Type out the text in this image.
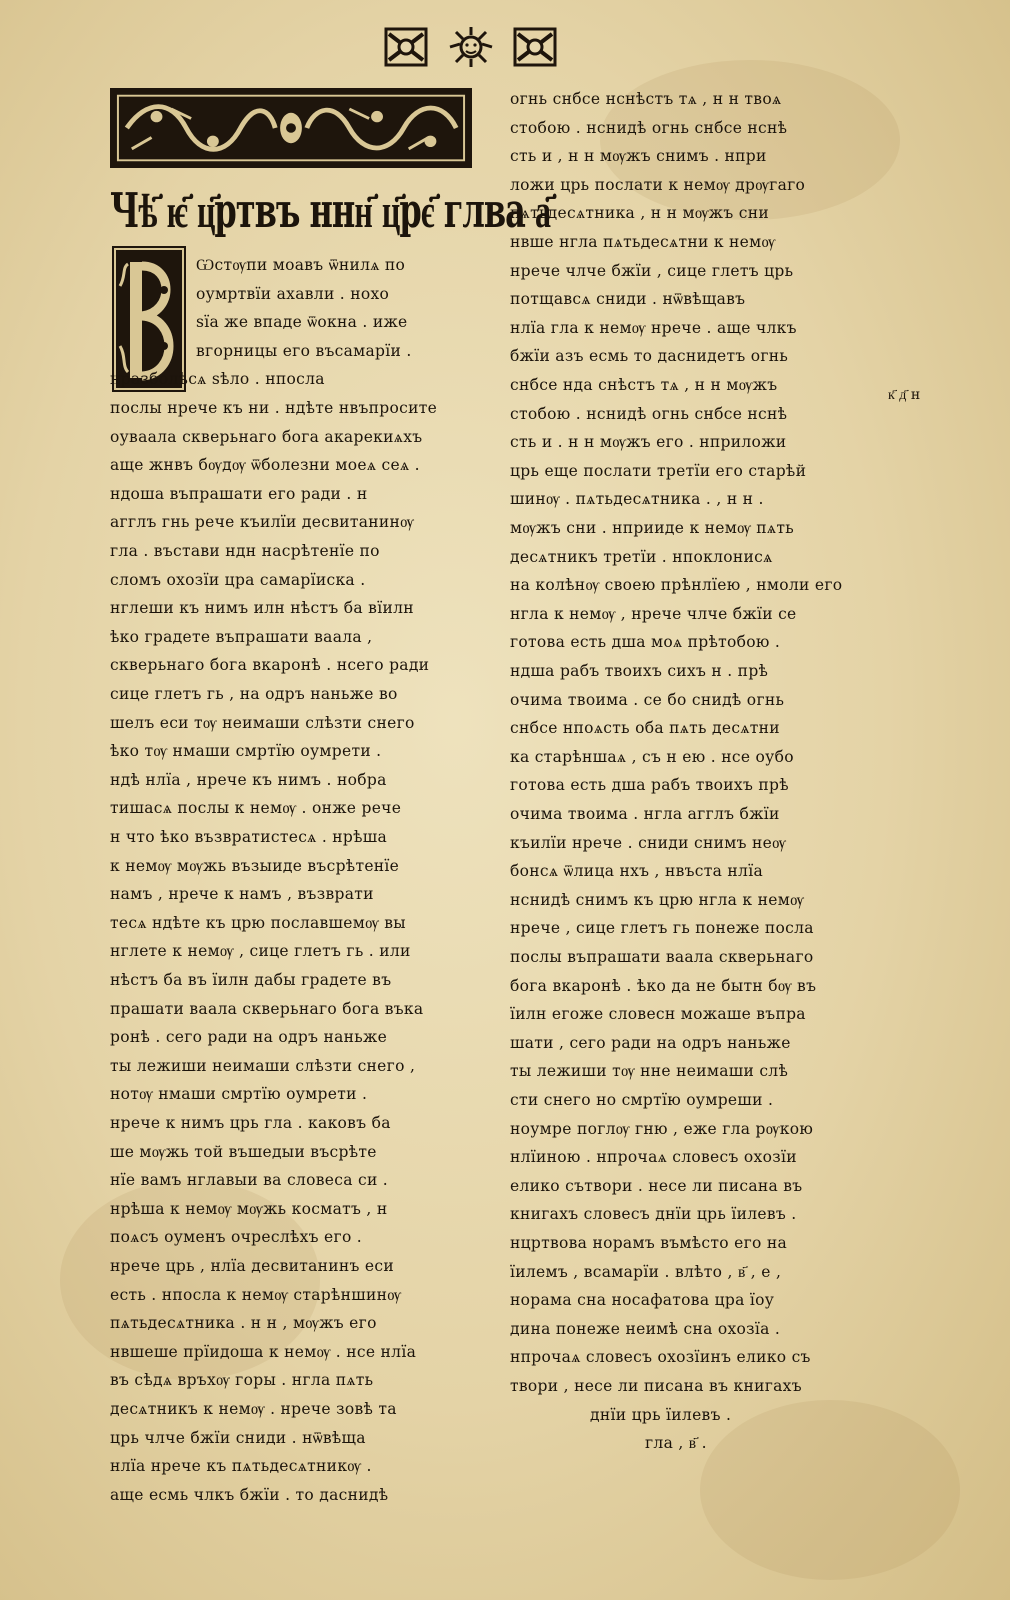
Чѣ҃ ѥ҃ ц҃ртвъ ннн҃ ц҃рє҃ глва а҃
Ѡстѹпи моавъ ѿнилѧ по
оумртвїи ахавли . нохо
ѕїа же впаде ѿокна . иже
вгорницы его въсамарїи .
нразболѣсѧ ѕѣло . нпосла
послы нрече къ ни . ндѣте нвъпросите
оуваала скверьнаго бога акарекиѧхъ
аще жнвъ бѹдѹ ѿболезни моеѧ сеѧ .
ндоша въпрашати его ради . н
агглъ гнь рече къилїи десвитанинѹ
гла . въстави ндн насрѣтенїе по
сломъ охозїи цра самарїиска .
нглеши къ нимъ илн нѣстъ ба вїилн
ѣко градете въпрашати ваала ,
скверьнаго бога вкаронѣ . нсего ради
сице глетъ гь , на одръ наньже во
шелъ еси тѹ неимаши слѣзти снего
ѣко тѹ нмаши смртїю оумрети .
ндѣ нлїа , нрече къ нимъ . нобра
тишасѧ послы к немѹ . онже рече
н что ѣко възвратистесѧ . нрѣша
к немѹ мѹжь възыиде въсрѣтенїе
намъ , нрече к намъ , възврати
тесѧ ндѣте къ црю пославшемѹ вы
нглете к немѹ , сице глетъ гь . или
нѣстъ ба въ їилн дабы градете въ
прашати ваала скверьнаго бога въка
ронѣ . сего ради на одръ наньже
ты лежиши неимаши слѣзти снего ,
нотѹ нмаши смртїю оумрети .
нрече к нимъ црь гла . каковъ ба
ше мѹжь той въшедыи въсрѣте
нїе вамъ нглавыи ва словеса си .
нрѣша к немѹ мѹжь косматъ , н
поѧсъ оуменъ очреслѣхъ его .
нрече црь , нлїа десвитанинъ еси
есть . нпосла к немѹ старѣншинѹ
пѧтьдесѧтника . н н , мѹжъ его
нвшеше прїидоша к немѹ . нсе нлїа
въ сѣдѧ връхѹ горы . нгла пѧть
десѧтникъ к немѹ . нрече зовѣ та
црь члче бжїи сниди . нѿвѣща
нлїа нрече къ пѧтьдесѧтникѹ .
аще есмь члкъ бжїи . то даснидѣ
огнь снбсе нснѣстъ тѧ , н н твоѧ
стобою . нснидѣ огнь снбсе нснѣ
сть и , н н мѹжъ снимъ . нпри
ложи црь послати к немѹ дрѹгаго
пѧтьдесѧтника , н н мѹжъ сни
нвше нгла пѧтьдесѧтни к немѹ
нрече члче бжїи , сице глетъ црь
потщавсѧ сниди . нѿвѣщавъ
нлїа гла к немѹ нрече . аще члкъ
бжїи азъ есмь то даснидетъ огнь
снбсе нда снѣстъ тѧ , н н мѹжъ
стобою . нснидѣ огнь снбсе нснѣ
сть и . н н мѹжъ его . нприложи
црь еще послати третїи его старѣй
шинѹ . пѧтьдесѧтника . , н н .
мѹжъ сни . нприиде к немѹ пѧть
десѧтникъ третїи . нпоклонисѧ
на колѣнѹ своею прѣнлїею , нмоли его
нгла к немѹ , нрече члче бжїи се
готова есть дша моѧ прѣтобою .
ндша рабъ твоихъ сихъ н . прѣ
очима твоима . се бо снидѣ огнь
снбсе нпоѧсть оба пѧть десѧтни
ка старѣншаѧ , съ н ею . нсе оубо
готова есть дша рабъ твоихъ прѣ
очима твоима . нгла агглъ бжїи
къилїи нрече . сниди снимъ неѹ
бонсѧ ѿлица нхъ , нвъста нлїа
нснидѣ снимъ къ црю нгла к немѹ
нрече , сице глетъ гь понеже посла
послы въпрашати ваала скверьнаго
бога вкаронѣ . ѣко да не бытн бѹ въ
їилн егоже словесн можаше въпра
шати , сего ради на одръ наньже
ты лежиши тѹ нне неимаши слѣ
сти снего но смртїю оумреши .
ноумре поглѹ гню , еже гла рѹкою
нлїиною . нпрочаѧ словесъ охозїи
елико сътвори . несе ли писана въ
книгахъ словесъ днїи црь їилевъ .
нцртвова норамъ въмѣсто его на
їилемъ , всамарїи . влѣто , в҃ , е ,
норама сна носафатова цра їоу
дина понеже неимѣ сна охозїа .
нпрочаѧ словесъ охозїинъ елико съ
твори , несе ли писана въ книгахъ
днїи црь їилевъ .
гла , в҃ .
к҃ д҃ н
